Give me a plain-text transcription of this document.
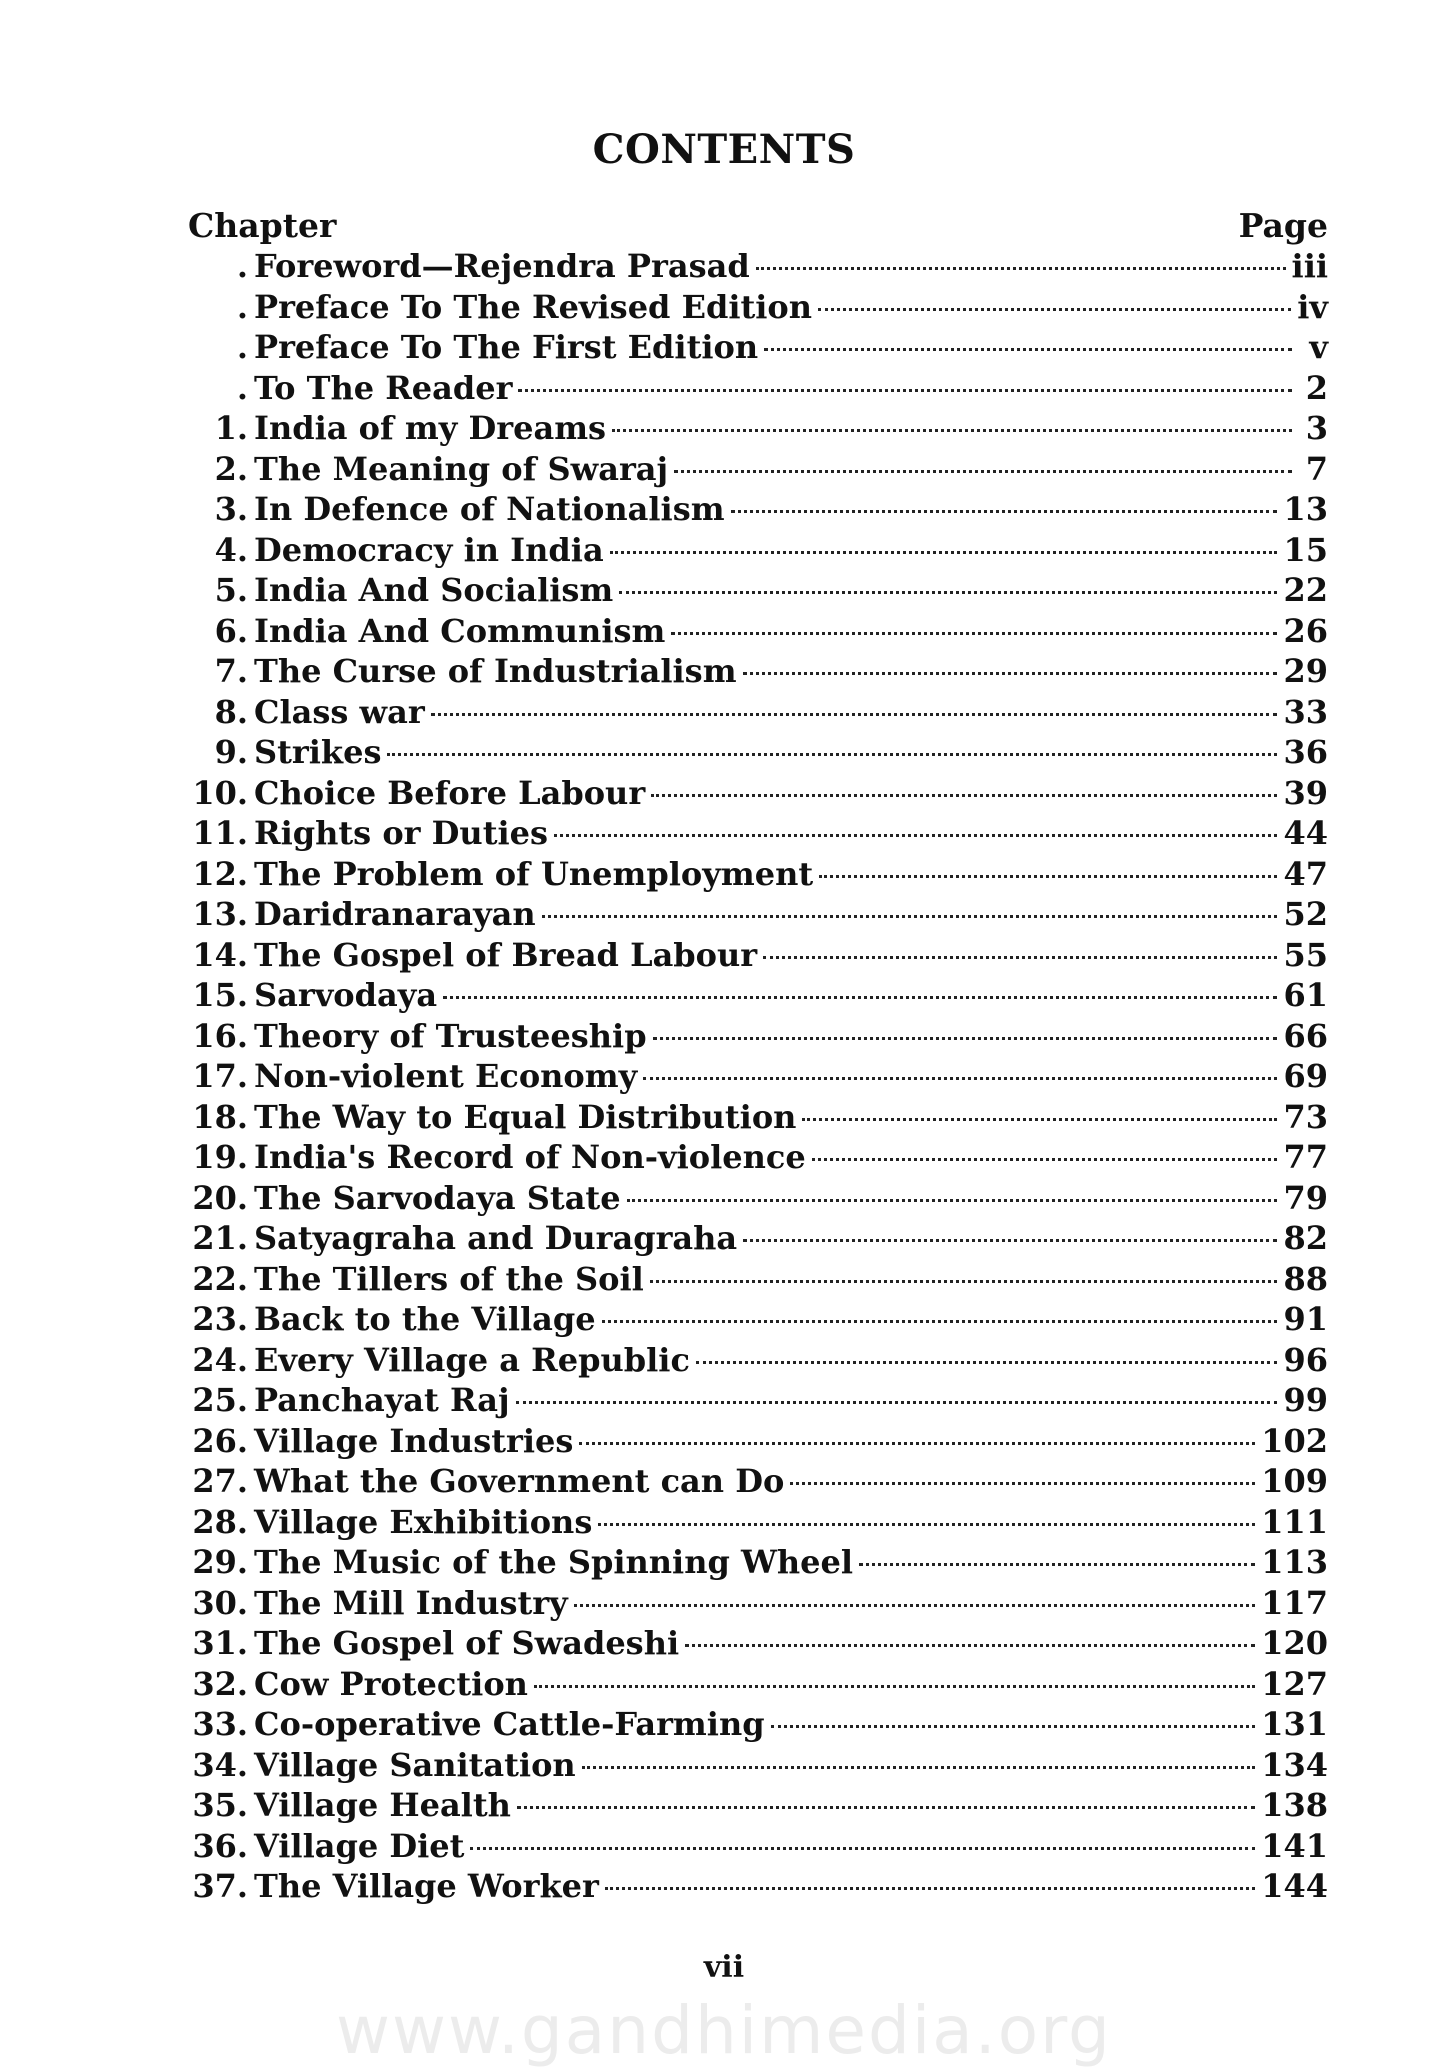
CONTENTS
Chapter	Page
. Foreword—Rejendra Prasad	iii
. Preface To The Revised Edition	iv
. Preface To The First Edition	v
. To The Reader	2
1. India of my Dreams	3
2. The Meaning of Swaraj	7
3. In Defence of Nationalism	13
4. Democracy in India	15
5. India And Socialism	22
6. India And Communism	26
7. The Curse of Industrialism	29
8. Class war	33
9. Strikes	36
10. Choice Before Labour	39
11. Rights or Duties	44
12. The Problem of Unemployment	47
13. Daridranarayan	52
14. The Gospel of Bread Labour	55
15. Sarvodaya	61
16. Theory of Trusteeship	66
17. Non-violent Economy	69
18. The Way to Equal Distribution	73
19. India's Record of Non-violence	77
20. The Sarvodaya State	79
21. Satyagraha and Duragraha	82
22. The Tillers of the Soil	88
23. Back to the Village	91
24. Every Village a Republic	96
25. Panchayat Raj	99
26. Village Industries	102
27. What the Government can Do	109
28. Village Exhibitions	111
29. The Music of the Spinning Wheel	113
30. The Mill Industry	117
31. The Gospel of Swadeshi	120
32. Cow Protection	127
33. Co-operative Cattle-Farming	131
34. Village Sanitation	134
35. Village Health	138
36. Village Diet	141
37. The Village Worker	144
vii
www.gandhimedia.org
